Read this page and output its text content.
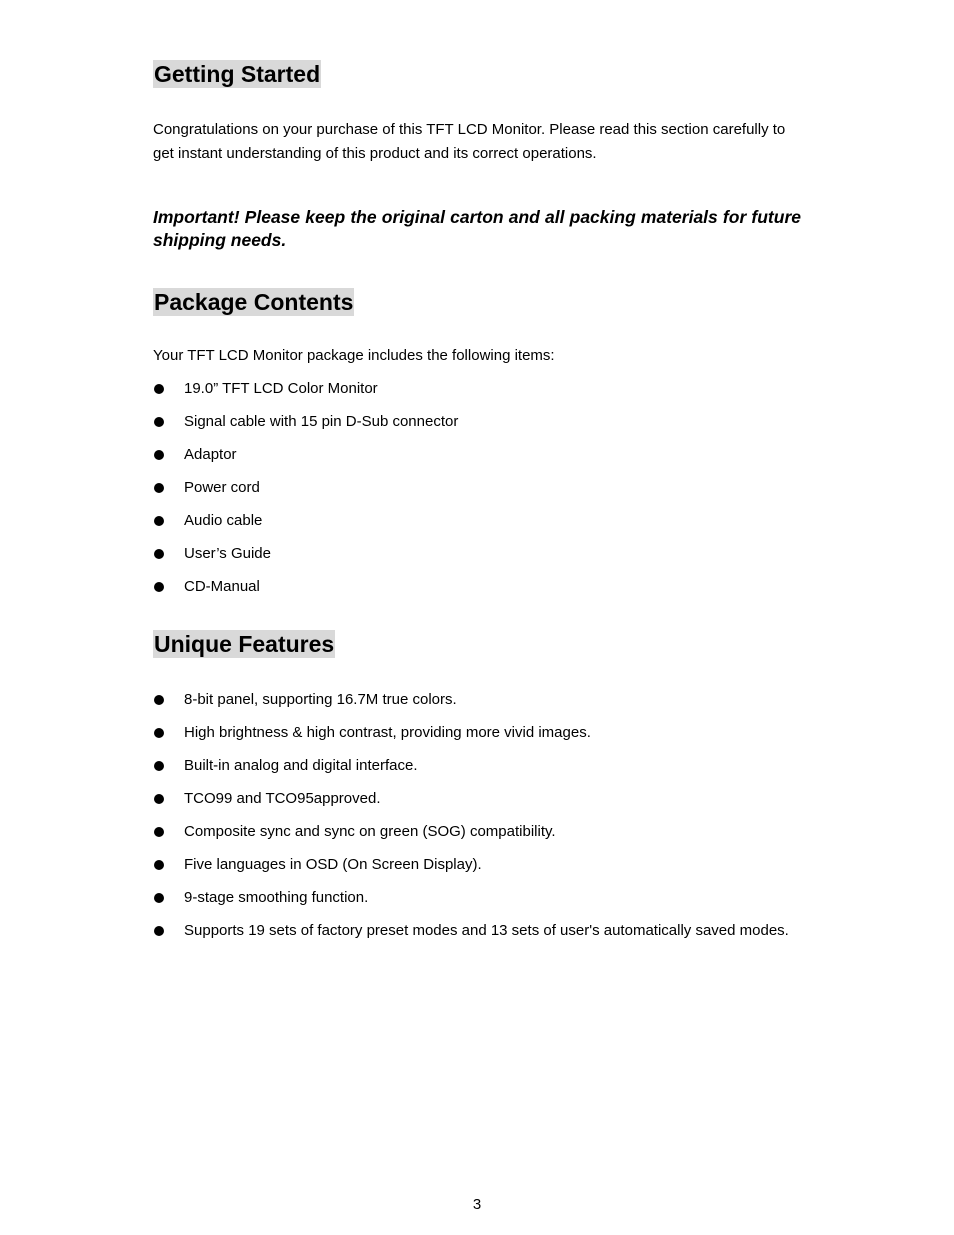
Getting Started

Congratulations on your purchase of this TFT LCD Monitor. Please read this section carefully to get instant understanding of this product and its correct operations.

Important! Please keep the original carton and all packing materials for future shipping needs.

Package Contents

Your TFT LCD Monitor package includes the following items:

19.0” TFT LCD Color Monitor
Signal cable with 15 pin D-Sub connector
Adaptor
Power cord
Audio cable
User’s Guide
CD-Manual
Unique Features
8-bit panel, supporting 16.7M true colors.
High brightness & high contrast, providing more vivid images.
Built-in analog and digital interface.
TCO99 and TCO95approved.
Composite sync and sync on green (SOG) compatibility.
Five languages in OSD (On Screen Display).
9-stage smoothing function.
Supports 19 sets of factory preset modes and 13 sets of user's automatically saved modes.
3
